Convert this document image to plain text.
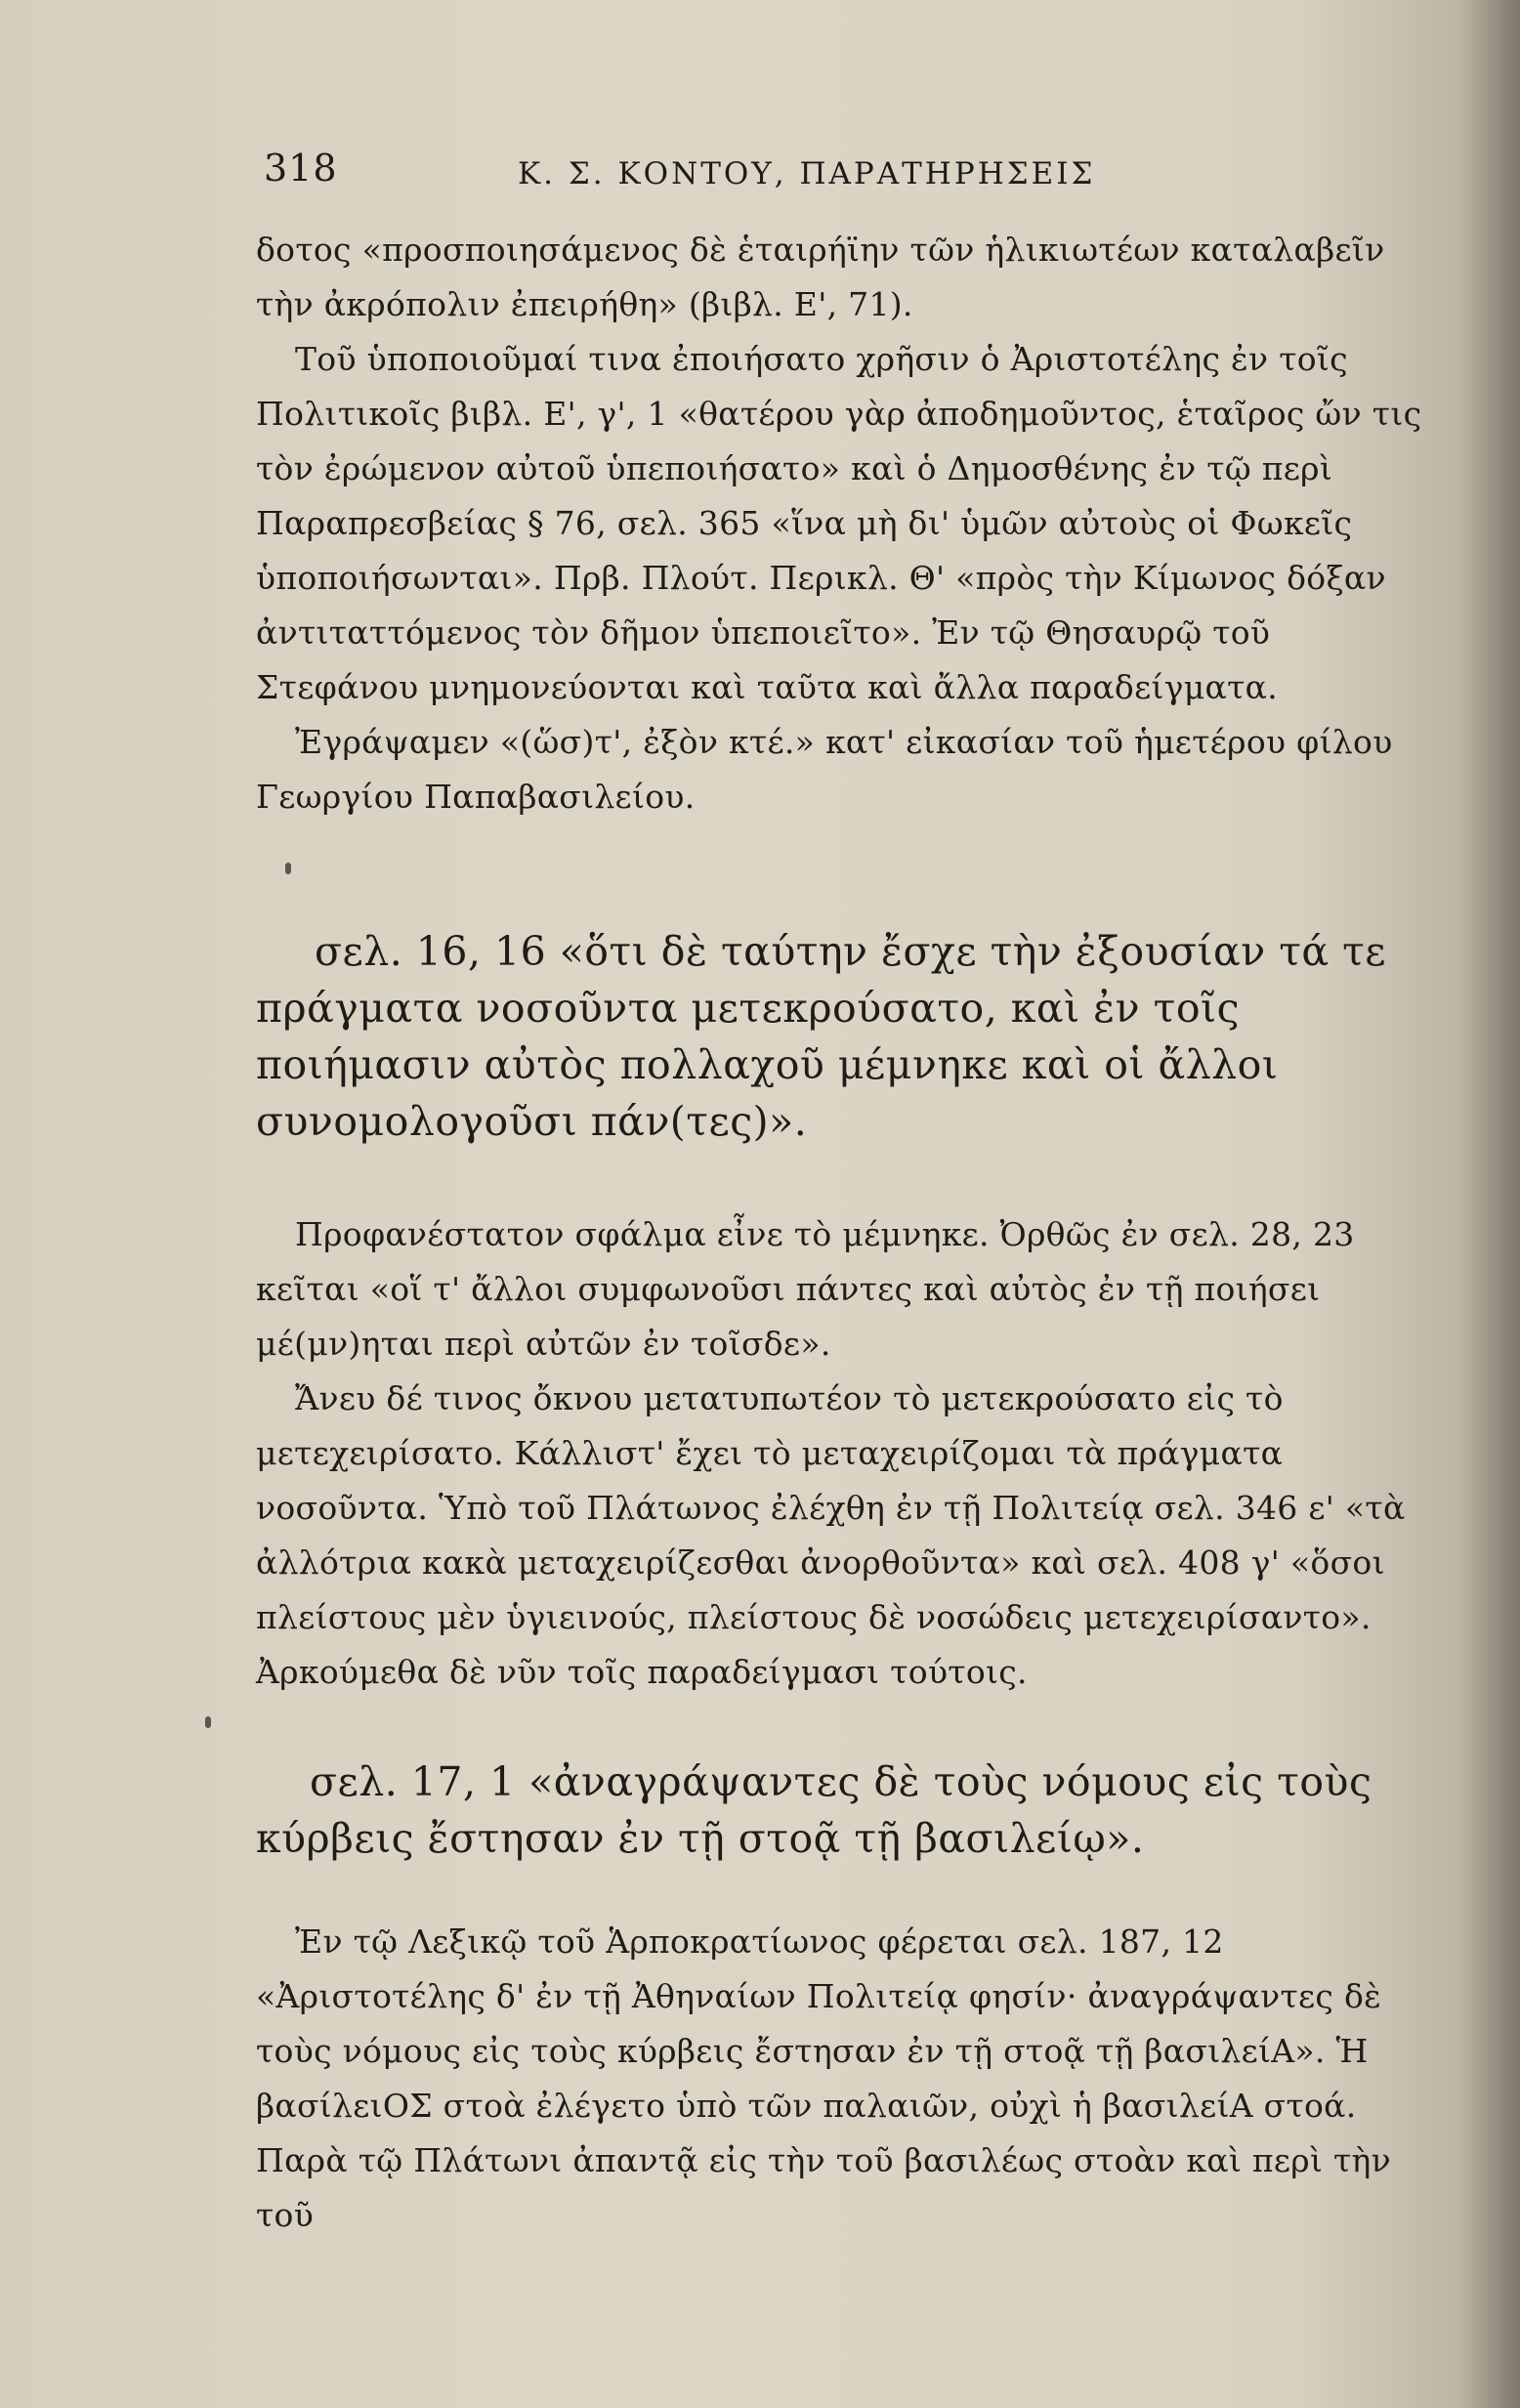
318	Κ. Σ. ΚΟΝΤΟΥ, ΠΑΡΑΤΗΡΗΣΕΙΣ

δοτος «προσποιησάμενος δὲ ἑταιρήϊην τῶν ἡλικιωτέων καταλαβεῖν τὴν ἀκρόπολιν ἐπειρήθη» (βιβλ. Ε', 71).

Τοῦ ὑποποιοῦμαί τινα ἐποιήσατο χρῆσιν ὁ Ἀριστοτέλης ἐν τοῖς Πολιτικοῖς βιβλ. Ε', γ', 1 «θατέρου γὰρ ἀποδημοῦντος, ἑταῖρος ὤν τις τὸν ἐρώμενον αὐτοῦ ὑπεποιήσατο» καὶ ὁ Δημοσθένης ἐν τῷ περὶ Παραπρεσβείας § 76, σελ. 365 «ἵνα μὴ δι' ὑμῶν αὐτοὺς οἱ Φωκεῖς ὑποποιήσωνται». Πρβ. Πλούτ. Περικλ. Θ' «πρὸς τὴν Κίμωνος δόξαν ἀντιταττόμενος τὸν δῆμον ὑπεποιεῖτο». Ἐν τῷ Θησαυρῷ τοῦ Στεφάνου μνημονεύονται καὶ ταῦτα καὶ ἄλλα παραδείγματα.

Ἐγράψαμεν «(ὥσ)τ', ἐξὸν κτέ.» κατ' εἰκασίαν τοῦ ἡμετέρου φίλου Γεωργίου Παπαβασιλείου.

σελ. 16, 16 «ὅτι δὲ ταύτην ἔσχε τὴν ἐξουσίαν τά τε πράγματα νοσοῦντα μετεκρούσατο, καὶ ἐν τοῖς ποιήμασιν αὐτὸς πολλαχοῦ μέμνηκε καὶ οἱ ἄλλοι συνομολογοῦσι πάν(τες)».

Προφανέστατον σφάλμα εἶνε τὸ μέμνηκε. Ὀρθῶς ἐν σελ. 28, 23 κεῖται «οἵ τ' ἄλλοι συμφωνοῦσι πάντες καὶ αὐτὸς ἐν τῇ ποιήσει μέ(μν)ηται περὶ αὐτῶν ἐν τοῖσδε».

Ἄνευ δέ τινος ὄκνου μετατυπωτέον τὸ μετεκρούσατο εἰς τὸ μετεχειρίσατο. Κάλλιστ' ἔχει τὸ μεταχειρίζομαι τὰ πράγματα νοσοῦντα. Ὑπὸ τοῦ Πλάτωνος ἐλέχθη ἐν τῇ Πολιτείᾳ σελ. 346 ε' «τὰ ἀλλότρια κακὰ μεταχειρίζεσθαι ἀνορθοῦντα» καὶ σελ. 408 γ' «ὅσοι πλείστους μὲν ὑγιεινούς, πλείστους δὲ νοσώδεις μετεχειρίσαντο». Ἀρκούμεθα δὲ νῦν τοῖς παραδείγμασι τούτοις.

σελ. 17, 1 «ἀναγράψαντες δὲ τοὺς νόμους εἰς τοὺς κύρβεις ἔστησαν ἐν τῇ στοᾷ τῇ βασιλείῳ».

Ἐν τῷ Λεξικῷ τοῦ Ἁρποκρατίωνος φέρεται σελ. 187, 12 «Ἀριστοτέλης δ' ἐν τῇ Ἀθηναίων Πολιτείᾳ φησίν· ἀναγράψαντες δὲ τοὺς νόμους εἰς τοὺς κύρβεις ἔστησαν ἐν τῇ στοᾷ τῇ βασιλείΑ». Ἡ βασίλειΟΣ στοὰ ἐλέγετο ὑπὸ τῶν παλαιῶν, οὐχὶ ἡ βασιλείΑ στοά. Παρὰ τῷ Πλάτωνι ἀπαντᾷ εἰς τὴν τοῦ βασιλέως στοὰν καὶ περὶ τὴν τοῦ
